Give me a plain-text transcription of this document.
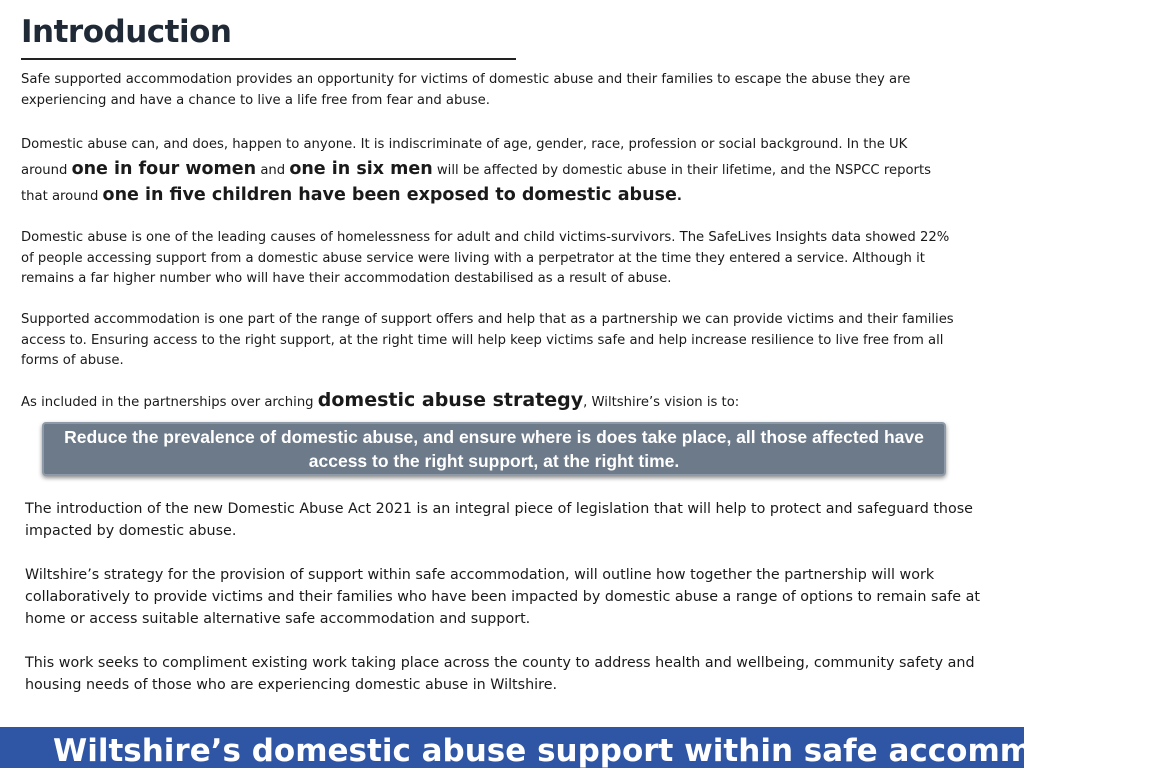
Introduction
Safe supported accommodation provides an opportunity for victims of domestic abuse and their families to escape the abuse they are experiencing and have a chance to live a life free from fear and abuse.
Domestic abuse can, and does, happen to anyone. It is indiscriminate of age, gender, race, profession or social background. In the UK around one in four women and one in six men will be affected by domestic abuse in their lifetime, and the NSPCC reports that around one in five children have been exposed to domestic abuse.
Domestic abuse is one of the leading causes of homelessness for adult and child victims-survivors. The SafeLives Insights data showed 22% of people accessing support from a domestic abuse service were living with a perpetrator at the time they entered a service. Although it remains a far higher number who will have their accommodation destabilised as a result of abuse.
Supported accommodation is one part of the range of support offers and help that as a partnership we can provide victims and their families access to. Ensuring access to the right support, at the right time will help keep victims safe and help increase resilience to live free from all forms of abuse.
As included in the partnerships over arching domestic abuse strategy, Wiltshire’s vision is to:
Reduce the prevalence of domestic abuse, and ensure where is does take place, all those affected have access to the right support, at the right time.
The introduction of the new Domestic Abuse Act 2021 is an integral piece of legislation that will help to protect and safeguard those impacted by domestic abuse.
Wiltshire’s strategy for the provision of support within safe accommodation, will outline how together the partnership will work collaboratively to provide victims and their families who have been impacted by domestic abuse a range of options to remain safe at home or access suitable alternative safe accommodation and support.
This work seeks to compliment existing work taking place across the county to address health and wellbeing, community safety and housing needs of those who are experiencing domestic abuse in Wiltshire.
Wiltshire’s domestic abuse support within safe accommodation
